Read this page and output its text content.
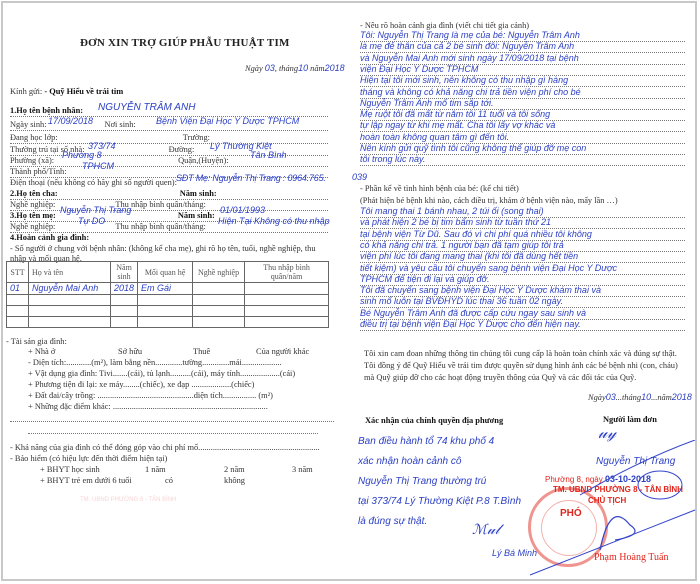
ĐƠN XIN TRỢ GIÚP PHẪU THUẬT TIM
Ngày 03, tháng10 năm2018
Kính gửi: - Quỹ Hiểu về trái tim
1.Họ tên bệnh nhân:	NGUYỄN TRÂM ANH
Ngày sinh:	Nơi sinh:
17/09/2018	Bệnh Viện Đại Học Y Dược TPHCM
Đang học lớp:	Trường:
Thường trú tại số nhà:	Đường:
373/74	Lý Thường Kiệt
Phường (xã):	Quận,(Huyện):
Phường 8	Tân Bình
Thành phố/Tỉnh:
TPHCM
Điện thoại (nếu không có hãy ghi số người quen): SĐT Mẹ: Nguyễn Thị Trang : 0964.765.
2.Họ tên cha:	Năm sinh:
Nghề nghiệp:	Thu nhập bình quân/tháng:
3.Họ tên mẹ:	Năm sinh:
Nguyễn Thị Trang	01/01/1993
Nghề nghiệp:	Thu nhập bình quân/tháng:
Tự DO	Hiện Tại Không có thu nhập
4.Hoàn cảnh gia đình:
- Số người ở chung với bệnh nhân: (không kể cha mẹ), ghi rõ họ tên, tuổi, nghề nghiệp, thu
nhập và mối quan hệ.
STT	Họ và tên	Năm sinh	Mối quan hệ	Nghề nghiệp	Thu nhập bình quân/năm
01	Nguyễn Mai Anh	2018	Em Gái		

- Tài sản gia đình:
+ Nhà ở	Sở hữu	Thuê	Của người khác
- Diện tích:............(m²), làm bằng nền.............tường.............mái...................
+ Vật dụng gia đình: Tivi.......(cái), tủ lạnh..........(cái), máy tính...................(cái)
+ Phương tiện đi lại: xe máy........(chiếc), xe đạp ...................(chiếc)
+ Đất đai/cây trồng: ..............................................diện tích................ (m²)
+ Những đặc điểm khác: ..........................................................................
- Khả năng của gia đình có thể đóng góp vào chi phí mổ..........................................................
- Bảo hiểm (có hiệu lực đến thời điểm hiện tại)
+ BHYT học sinh	1 năm	2 năm	3 năm
+ BHYT trẻ em dưới 6 tuổi	có	không
TM. UBND PHƯỜNG 8 - TÂN BÌNH
- Nêu rõ hoàn cảnh gia đình (viết chi tiết gia cảnh)
Tôi: Nguyễn Thị Trang là mẹ của bé: Nguyễn Trâm Anh
là mẹ đẻ thân của cả 2 bé sinh đôi: Nguyễn Trâm Anh
và Nguyễn Mai Anh mới sinh ngày 17/09/2018 tại bệnh
viện Đại Học Y Dược TPHCM
Hiện tại tôi mới sinh, nên không có thu nhập gì hàng
tháng và không có khả năng chi trả tiền viện phí cho bé
Nguyễn Trâm Anh mổ tim sắp tới.
Mẹ ruột tôi đã mất từ năm tôi 11 tuổi và tôi sống
tự lập ngay từ khi mẹ mất. Cha tôi lấy vợ khác và
hoàn toàn không quan tâm gì đến tôi.
Nên kính gửi quỹ tình tôi cũng không thể giúp đỡ mẹ con
tôi trong lúc này.
039
- Phần kể về tình hình bệnh của bé: (kể chi tiết)
(Phát hiện bé bệnh khi nào, cách điều trị, khám ở bệnh viện nào, mấy lần …)
Tôi mang thai 1 bánh nhau, 2 túi ối (song thai)
và phát hiện 2 bé bị tim bẩm sinh từ tuần thứ 21
tại bệnh viện Từ Dũ. Sau đó vì chi phí quá nhiều tôi không
có khả năng chi trả. 1 người bạn đã tạm giúp tôi trả
viện phí lúc tôi đang mang thai (khi tôi đã dùng hết tiền
tiết kiệm) và yêu cầu tôi chuyển sang bệnh viện Đại Học Y Dược
TPHCM để tiện đi lại và giúp đỡ.
Tôi đã chuyển sang bệnh viện Đại Học Y Dược khám thai và
sinh mổ luôn tại BVĐHYD lúc thai 36 tuần 02 ngày.
Bé Nguyễn Trâm Anh đã được cấp cứu ngay sau sinh và
điều trị tại bệnh viện Đại Học Y Dược cho đến hiện nay.
Tôi xin cam đoan những thông tin chúng tôi cung cấp là hoàn toàn chính xác và đúng sự thật.
Tôi đồng ý để Quỹ Hiểu về trái tim được quyền sử dụng hình ảnh các bé bệnh nhi (con, cháu)
mà Quỹ giúp đỡ cho các hoạt động truyền thông của Quỹ và các đối tác của Quỹ.
Ngày03...tháng10...năm2018
Xác nhận của chính quyền địa phương	Người làm đơn
Ban điều hành tổ 74 khu phố 4
xác nhận hoàn cảnh cô
Nguyễn Thị Trang thường trú
tại 373/74 Lý Thường Kiệt P.8 T.Bình
là đúng sự thật.	ℳ𝓊𝓁
Lý Bá Minh
𝓊𝓎
Nguyễn Thị Trang
Phường 8, ngày 03-10-2018
TM. UBND PHƯỜNG 8 - TÂN BÌNH
CHỦ TỊCH
PHÓ
Phạm Hoàng Tuấn
